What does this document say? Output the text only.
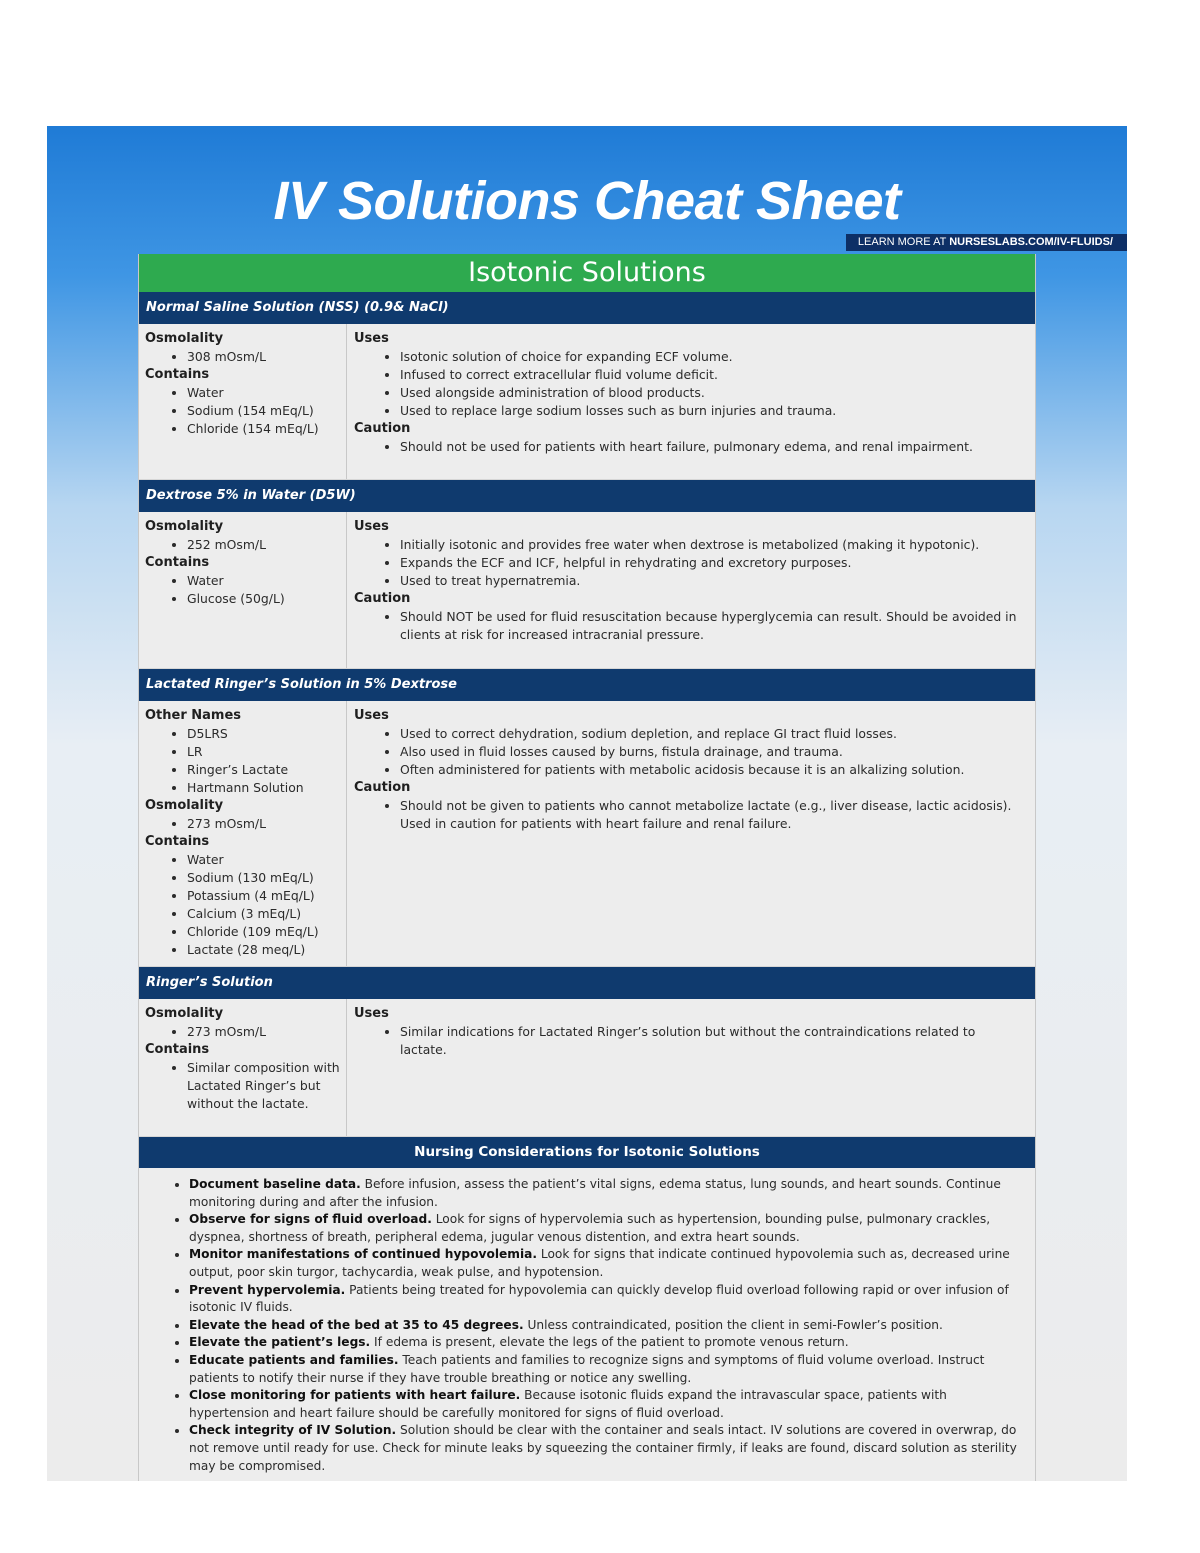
IV Solutions Cheat Sheet
LEARN MORE AT NURSESLABS.COM/IV-FLUIDS/
Isotonic Solutions
Normal Saline Solution (NSS) (0.9& NaCl)
Osmolality
• 308 mOsm/L
Contains
• Water
• Sodium (154 mEq/L)
• Chloride (154 mEq/L)
Uses
• Isotonic solution of choice for expanding ECF volume.
• Infused to correct extracellular fluid volume deficit.
• Used alongside administration of blood products.
• Used to replace large sodium losses such as burn injuries and trauma.
Caution
• Should not be used for patients with heart failure, pulmonary edema, and renal impairment.
Dextrose 5% in Water (D5W)
Osmolality
• 252 mOsm/L
Contains
• Water
• Glucose (50g/L)
Uses
• Initially isotonic and provides free water when dextrose is metabolized (making it hypotonic).
• Expands the ECF and ICF, helpful in rehydrating and excretory purposes.
• Used to treat hypernatremia.
Caution
• Should NOT be used for fluid resuscitation because hyperglycemia can result. Should be avoided in clients at risk for increased intracranial pressure.
Lactated Ringer’s Solution in 5% Dextrose
Other Names
• D5LRS
• LR
• Ringer’s Lactate
• Hartmann Solution
Osmolality
• 273 mOsm/L
Contains
• Water
• Sodium (130 mEq/L)
• Potassium (4 mEq/L)
• Calcium (3 mEq/L)
• Chloride (109 mEq/L)
• Lactate (28 meq/L)
Uses
• Used to correct dehydration, sodium depletion, and replace GI tract fluid losses.
• Also used in fluid losses caused by burns, fistula drainage, and trauma.
• Often administered for patients with metabolic acidosis because it is an alkalizing solution.
Caution
• Should not be given to patients who cannot metabolize lactate (e.g., liver disease, lactic acidosis). Used in caution for patients with heart failure and renal failure.
Ringer’s Solution
Osmolality
• 273 mOsm/L
Contains
• Similar composition with Lactated Ringer’s but without the lactate.
Uses
• Similar indications for Lactated Ringer’s solution but without the contraindications related to lactate.
Nursing Considerations for Isotonic Solutions
• Document baseline data. Before infusion, assess the patient’s vital signs, edema status, lung sounds, and heart sounds. Continue monitoring during and after the infusion.
• Observe for signs of fluid overload. Look for signs of hypervolemia such as hypertension, bounding pulse, pulmonary crackles, dyspnea, shortness of breath, peripheral edema, jugular venous distention, and extra heart sounds.
• Monitor manifestations of continued hypovolemia. Look for signs that indicate continued hypovolemia such as, decreased urine output, poor skin turgor, tachycardia, weak pulse, and hypotension.
• Prevent hypervolemia. Patients being treated for hypovolemia can quickly develop fluid overload following rapid or over infusion of isotonic IV fluids.
• Elevate the head of the bed at 35 to 45 degrees. Unless contraindicated, position the client in semi-Fowler’s position.
• Elevate the patient’s legs. If edema is present, elevate the legs of the patient to promote venous return.
• Educate patients and families. Teach patients and families to recognize signs and symptoms of fluid volume overload. Instruct patients to notify their nurse if they have trouble breathing or notice any swelling.
• Close monitoring for patients with heart failure. Because isotonic fluids expand the intravascular space, patients with hypertension and heart failure should be carefully monitored for signs of fluid overload.
• Check integrity of IV Solution. Solution should be clear with the container and seals intact. IV solutions are covered in overwrap, do not remove until ready for use. Check for minute leaks by squeezing the container firmly, if leaks are found, discard solution as sterility may be compromised.
